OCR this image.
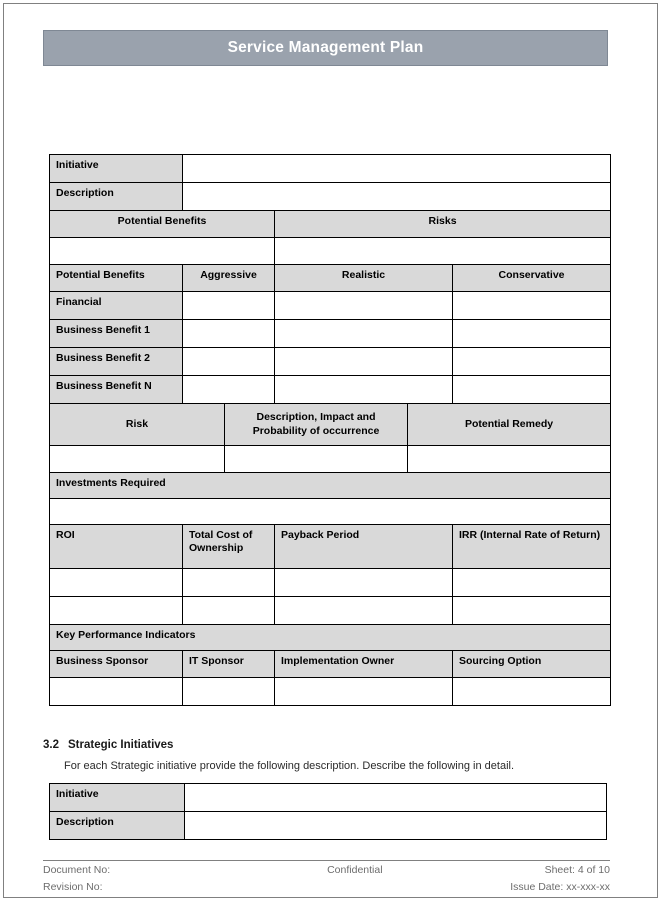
Service Management Plan
Initiative					
Description					
Potential Benefits			Risks		

Potential Benefits	Aggressive		Realistic		Conservative
Financial					
Business Benefit 1					
Business Benefit 2					
Business Benefit N					
Risk		Description, Impact and Probability of occurrence		Potential Remedy	

Investments Required					

ROI	Total Cost of Ownership		Payback Period		IRR (Internal Rate of Return)

Key Performance Indicators					
Business Sponsor	IT Sponsor		Implementation Owner		Sourcing Option

3.2 Strategic Initiatives
For each Strategic initiative provide the following description. Describe the following in detail.
Initiative	
Description	
Document No:	Confidential	Sheet: 4 of 10
Revision No:	Issue Date: xx-xxx-xx
